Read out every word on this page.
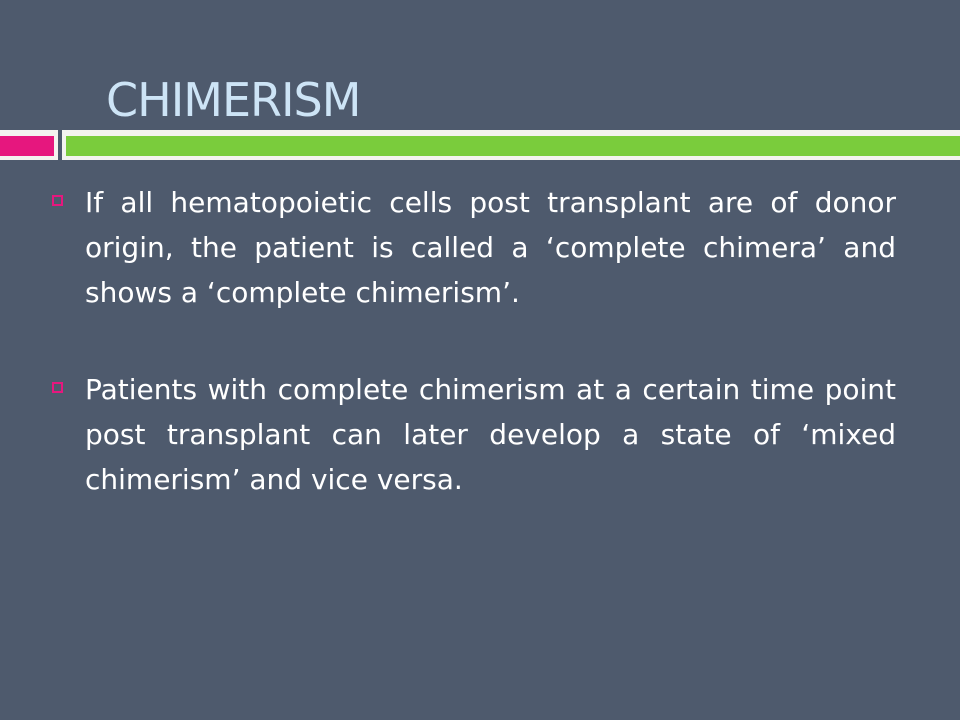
CHIMERISM

If all hematopoietic cells post transplant are of donor origin, the patient is called a ‘complete chimera’ and shows a ‘complete chimerism’.

Patients with complete chimerism at a certain time point post transplant can later develop a state of ‘mixed chimerism’ and vice versa.
